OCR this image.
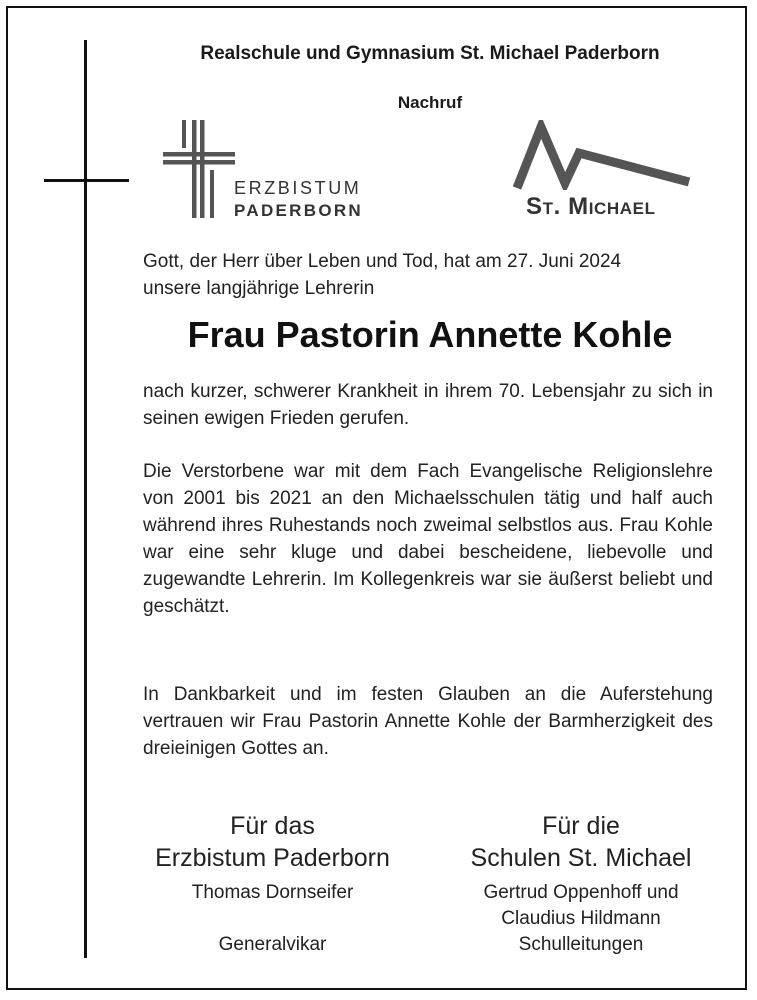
Realschule und Gymnasium St. Michael Paderborn
Nachruf
ERZBISTUM
PADERBORN	St. Michael
Gott, der Herr über Leben und Tod, hat am 27. Juni 2024
unsere langjährige Lehrerin
Frau Pastorin Annette Kohle
nach kurzer, schwerer Krankheit in ihrem 70. Lebensjahr zu sich in seinen ewigen Frieden gerufen.
Die Verstorbene war mit dem Fach Evangelische Religionslehre von 2001 bis 2021 an den Michaelsschulen tätig und half auch während ihres Ruhestands noch zweimal selbstlos aus. Frau Kohle war eine sehr kluge und dabei bescheidene, liebevolle und zugewandte Lehrerin. Im Kollegenkreis war sie äußerst beliebt und geschätzt.
In Dankbarkeit und im festen Glauben an die Auferstehung vertrauen wir Frau Pastorin Annette Kohle der Barmherzigkeit des dreieinigen Gottes an.
Für das
Erzbistum Paderborn
Thomas Dornseifer
Generalvikar
Für die
Schulen St. Michael
Gertrud Oppenhoff und
Claudius Hildmann
Schulleitungen
